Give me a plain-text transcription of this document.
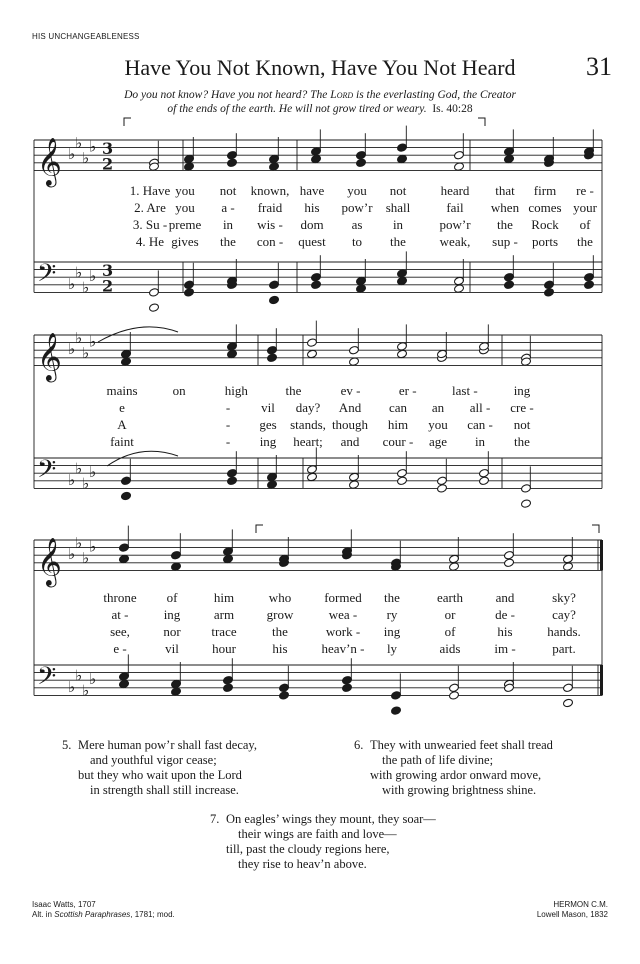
HIS UNCHANGEABLENESS
Have You Not Known, Have You Not Heard	31
Do you not know? Have you not heard? The Lord is the everlasting God, the Creator
of the ends of the earth. He will not grow tired or weary. Is. 40:28
𝄞
𝄢
♭
♭
♭
♭
♭
♭
♭
♭
3
2
3
2
𝄞
𝄢
♭
♭
♭
♭
♭
♭
♭
♭
𝄞
𝄢
♭
♭
♭
♭
♭
♭
♭
♭
1. Have you not known, have you not	heard that firm re -
2. Are you a - fraid his pow’r shall	fail when comes your
3. Su - preme in wis - dom as in	pow’r the Rock of
4. He gives the con - quest to the	weak, sup - ports the
mains	on	high	the	ev -	er -	last -	ing
e	- vil day? And can an all - cre -
A	- ges stands, though him you can - not
faint	- ing heart; and cour - age in the
throne of	him	who	formed the	earth	and	sky?
at -	ing	arm	grow	wea - ry	or	de -	cay?
see,	nor trace	the	work - ing	of	his	hands.
e -	vil	hour	his	heav’n - ly	aids	im -	part.
5. Mere human pow’r shall fast decay,
and youthful vigor cease;
but they who wait upon the Lord
in strength shall still increase.
6. They with unwearied feet shall tread
the path of life divine;
with growing ardor onward move,
with growing brightness shine.
7. On eagles’ wings they mount, they soar—
their wings are faith and love—
till, past the cloudy regions here,
they rise to heav’n above.
Isaac Watts, 1707
Alt. in Scottish Paraphrases, 1781; mod.
HERMON C.M.
Lowell Mason, 1832
